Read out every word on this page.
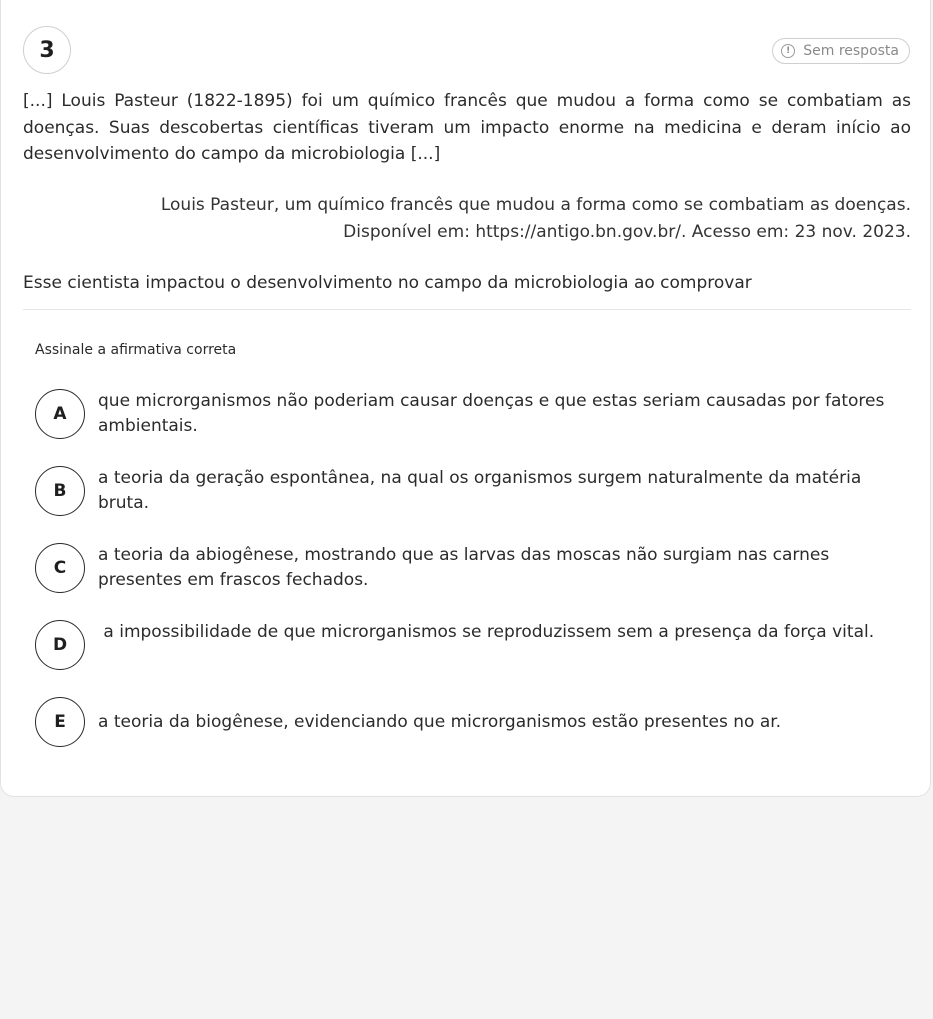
3	! Sem resposta
[...] Louis Pasteur (1822-1895) foi um químico francês que mudou a forma como se combatiam as doenças. Suas descobertas científicas tiveram um impacto enorme na medicina e deram início ao desenvolvimento do campo da microbiologia [...]
Louis Pasteur, um químico francês que mudou a forma como se combatiam as doenças.
Disponível em: https://antigo.bn.gov.br/. Acesso em: 23 nov. 2023.
Esse cientista impactou o desenvolvimento no campo da microbiologia ao comprovar
Assinale a afirmativa correta
A
que microrganismos não poderiam causar doenças e que estas seriam causadas por fatores ambientais.
B
a teoria da geração espontânea, na qual os organismos surgem naturalmente da matéria bruta.
C
a teoria da abiogênese, mostrando que as larvas das moscas não surgiam nas carnes presentes em frascos fechados.
D
a impossibilidade de que microrganismos se reproduzissem sem a presença da força vital.
E	a teoria da biogênese, evidenciando que microrganismos estão presentes no ar.
